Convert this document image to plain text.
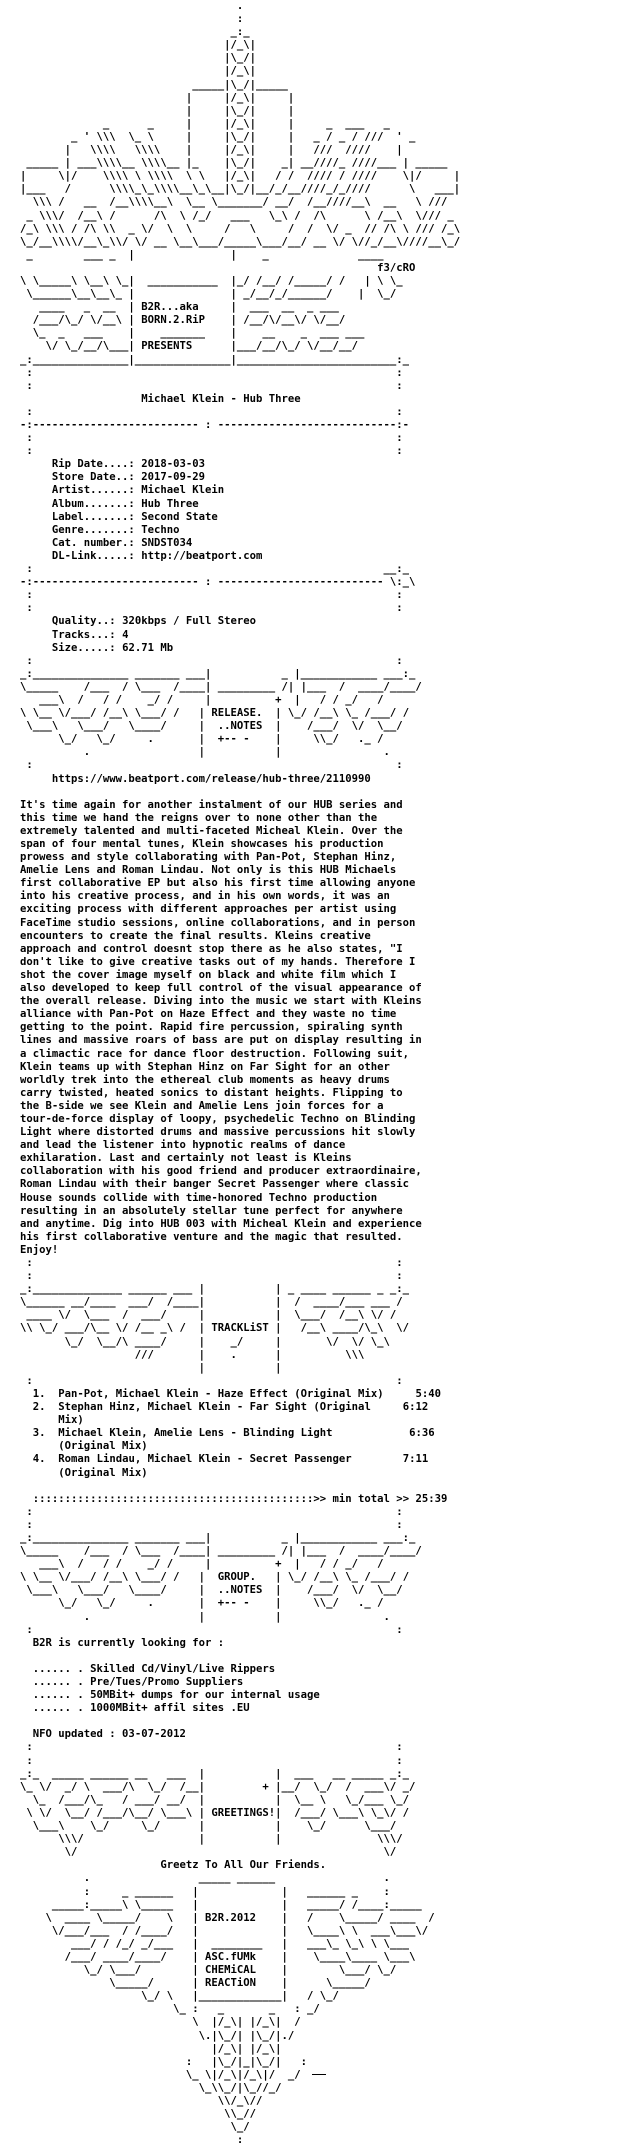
.
:
_:_
|/_\|
|\_/|
|/_\|
_____|\_/|_____
|     |/_\|     |
|     |\_/|     |
_      _     |     |/_\|     |     _  ___   _
_ ' \\\  \_ \     |     |\_/|     |   _ / _ / ///  ' _
|   \\\\   \\\\    |     |/_\|     |   ///  ////    |
_____ | ___\\\\__ \\\\__ |_    |\_/|    _| __////_ ////___ | _____
|     \|/    \\\\ \ \\\\  \ \   |/_\|   / /  //// / ////    \|/     |
|___   /      \\\\_\_\\\\__\_\__|\_/|__/_/__////_/_////      \   ___|
\\\ /   __  /__\\\\__\  \__ \_______/ __/  /__////__\  __   \ ///
_ \\\/  /__\ /      /\  \ /_/   ___   \_\ /  /\      \ /__\  \/// _
/_\ \\\ / /\ \\  _ \/  \  \     /   \     /  /  \/ _  // /\ \ /// /_\
\_/__\\\\/__\_\\/ \/ __ \__\___/_____\___/__/ __ \/ \//_/__\////__\_/

_        ___ _  |               |    _              ____
f3/cRO
\ \_____\ \__\ \_|  ___________  |_/ /__/ /_____/ /   | \ \_
\______\__\__\_ |               | _/__/_/______/    |  \_/
____   _  __  | B2R...aka     |  ___  __  _ ___
/___/\_/ \/__\ | BORN.2.RiP    | /__/\/__\/ \/__/
\_  _   ___    |    _______    |    __    _  ___ ___
\/ \_/__/\___| PRESENTS      |___/__/\_/ \/__/__/
_:_______________|_______________|_________________________:_
:                                                         :
:                                                         :
Michael Klein - Hub Three
:                                                         :
-:-------------------------- : ----------------------------:-
:                                                         :
:                                                         :
Rip Date....: 2018-03-03
Store Date..: 2017-09-29
Artist......: Michael Klein
Album.......: Hub Three
Label.......: Second State
Genre.......: Techno
Cat. number.: SNDST034
DL-Link.....: http://beatport.com
:                                                       __:_
-:-------------------------- : -------------------------- \:_\
:                                                         :
:                                                         :
Quality..: 320kbps / Full Stereo
Tracks...: 4
Size.....: 62.71 Mb
:                                                         :
_:_______________ _______ ___|           _ |____________ ___:_
\_____    /___  / \___  /____| _________ /| |___  /  ____/____/
___\  /   / /    _/ /     |          +  |   / / _/   /
\ \__ \/___/ /__\ \___/ /   | RELEASE.  | \_/ /__\ \_ /___/ /
\___\   \___/   \____/     |  ..NOTES  |    /___/  \/  \__/
\_/   \_/     .       |  +-- -    |     \\_/   ._ /
.                 |           |                .
:                                                         :
https://www.beatport.com/release/hub-three/2110990

It's time again for another instalment of our HUB series and
this time we hand the reigns over to none other than the
extremely talented and multi-faceted Micheal Klein. Over the
span of four mental tunes, Klein showcases his production
prowess and style collaborating with Pan-Pot, Stephan Hinz,
Amelie Lens and Roman Lindau. Not only is this HUB Michaels
first collaborative EP but also his first time allowing anyone
into his creative process, and in his own words, it was an
exciting process with different approaches per artist using
FaceTime studio sessions, online collaborations, and in person
encounters to create the final results. Kleins creative
approach and control doesnt stop there as he also states, "I
don't like to give creative tasks out of my hands. Therefore I
shot the cover image myself on black and white film which I
also developed to keep full control of the visual appearance of
the overall release. Diving into the music we start with Kleins
alliance with Pan-Pot on Haze Effect and they waste no time
getting to the point. Rapid fire percussion, spiraling synth
lines and massive roars of bass are put on display resulting in
a climactic race for dance floor destruction. Following suit,
Klein teams up with Stephan Hinz on Far Sight for an other
worldly trek into the ethereal club moments as heavy drums
carry twisted, heated sonics to distant heights. Flipping to
the B-side we see Klein and Amelie Lens join forces for a
tour-de-force display of loopy, psychedelic Techno on Blinding
Light where distorted drums and massive percussions hit slowly
and lead the listener into hypnotic realms of dance
exhilaration. Last and certainly not least is Kleins
collaboration with his good friend and producer extraordinaire,
Roman Lindau with their banger Secret Passenger where classic
House sounds collide with time-honored Techno production
resulting in an absolutely stellar tune perfect for anywhere
and anytime. Dig into HUB 003 with Micheal Klein and experience
his first collaborative venture and the magic that resulted.
Enjoy!
:                                                         :
:                                                         :
_:______________ ______ ___ |           | _ ____ ______ _ _:_
\______ __/____  ___/  /____|           |  /  ____/___ ___ /
____ \/  \___  /  ___/     |           |  \___/  /__\ \/ /
\\ \_/ ___/\__ \/ /__ _\ /  | TRACKLiST |   /__\ ____/\_\  \/
\_/  \__/\ ____/     |    _/     |       \/  \/ \_\
///       |    .      |          \\\
|           |
:                                                         :
1. Pan-Pot, Michael Klein - Haze Effect (Original Mix)	5:40
2. Stephan Hinz, Michael Klein - Far Sight (Original	6:12
Mix)
3. Michael Klein, Amelie Lens - Blinding Light	6:36
(Original Mix)
4. Roman Lindau, Michael Klein - Secret Passenger	7:11
(Original Mix)

::::::::::::::::::::::::::::::::::::::::::::>> min total >> 25:39
:                                                         :
:                                                         :
_:_______________ _______ ___|           _ |____________ ___:_
\_____    /___  / \___  /____| _________ /| |___  /  ____/____/
___\  /   / /    _/ /     |          +  |   / / _/   /
\ \__ \/___/ /__\ \___/ /   |  GROUP.   | \_/ /__\ \_ /___/ /
\___\   \___/   \____/     |  ..NOTES  |    /___/  \/  \__/
\_/   \_/     .       |  +-- -    |     \\_/   ._ /
.                 |           |                .
:                                                         :
B2R is currently looking for :

...... . Skilled Cd/Vinyl/Live Rippers
...... . Pre/Tues/Promo Suppliers
...... . 50MBit+ dumps for our internal usage
...... . 1000MBit+ affil sites .EU

NFO updated : 03-07-2012
:                                                         :
:                                                         :
_:_  _____ ______ __   ___  |           |  ___   __ _____ _:_
\_ \/  _/ \  ___/\  \_/  /__|         + |__/  \_/  /  ___\/ _/
\_  /___/\_   / ___/ __/  |           |  \__ \   \_/___ \_/
\ \/  \__/ /___/\__/ \___\ | GREETINGS!|  /___/ \___\ \_\/ /
\___\    \_/     \_/      |           |    \_/      \___/
\\\/                  |           |               \\\/
\/                                                \/
Greetz To All Our Friends.
.                 _____ ______                 .
:     _ ______   |             |   ______ _    :
_____:_____\ \_____   |             |   _____/ /____:_____
\  ____ \_____/    \   | B2R.2012    |   /    \_____/ ____  /
\/___/___  / /____/   |             |   \____\ \  ___\___\/
___/ / /_/ _/___   |  ________   |   ___\_ \_\ \ \___
/___/ ____/____/    | ASC.fUMk    |    \____\____ \___\
\_/ \___/        | CHEMiCAL    |        \___/ \_/
\_____/      | REACTiON    |      \_____/
\_/ \   |_____________|   / \_/
\_ :   _       _   : _/
\  |/_\| |/_\|  /
\.|\_/| |\_/|./
|/_\| |/_\|
:   |\_/|_|\_/|   :
\_ \|/_\|/_\|/  _/
\_\\_/|\_//_/
\\/_\//
\\_//
\_/
:
